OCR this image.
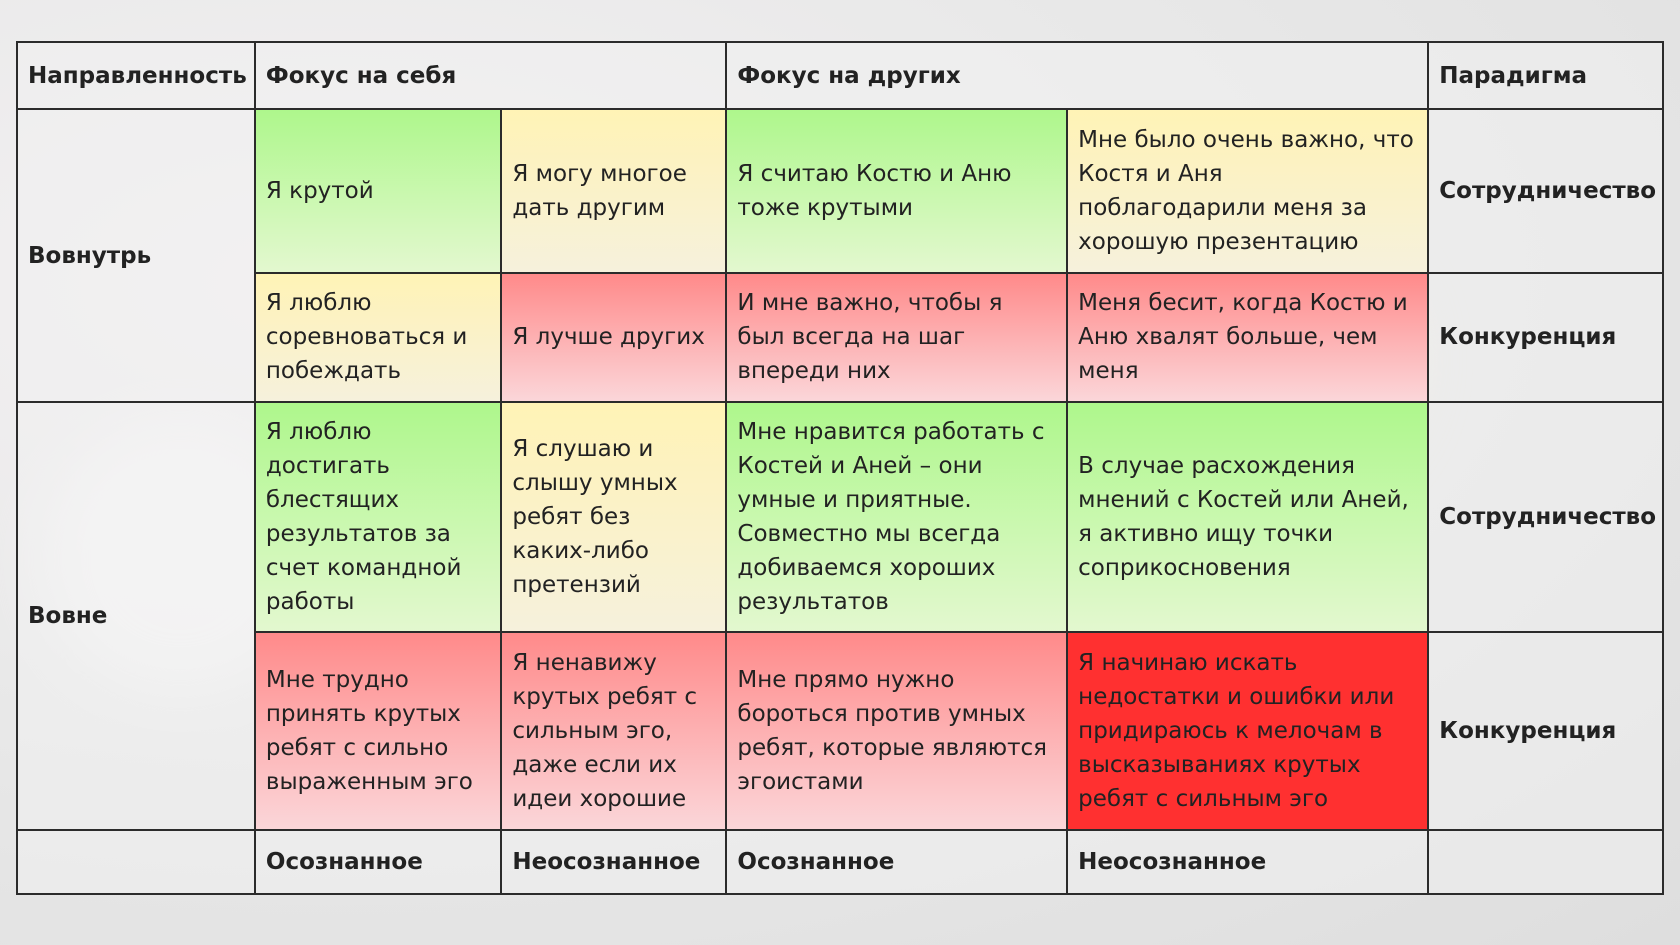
Направленность	Фокус на себя		Фокус на других		Парадигма
Вовнутрь	Я крутой	Я могу многое дать другим	Я считаю Костю и Аню тоже крутыми	Мне было очень важно, что Костя и Аня поблагодарили меня за хорошую презентацию	Сотрудничество
	Я люблю соревноваться и побеждать	Я лучше других	И мне важно, чтобы я был всегда на шаг впереди них	Меня бесит, когда Костю и Аню хвалят больше, чем меня	Конкуренция
Вовне	Я люблю достигать блестящих результатов за счет командной работы	Я слушаю и слышу умных ребят без каких-либо претензий	Мне нравится работать с Костей и Аней – они умные и приятные. Совместно мы всегда добиваемся хороших результатов	В случае расхождения мнений с Костей или Аней, я активно ищу точки соприкосновения	Сотрудничество
	Мне трудно принять крутых ребят с сильно выраженным эго	Я ненавижу крутых ребят с сильным эго, даже если их идеи хорошие	Мне прямо нужно бороться против умных ребят, которые являются эгоистами	Я начинаю искать недостатки и ошибки или придираюсь к мелочам в высказываниях крутых ребят с сильным эго	Конкуренция
	Осознанное	Неосознанное	Осознанное	Неосознанное	
